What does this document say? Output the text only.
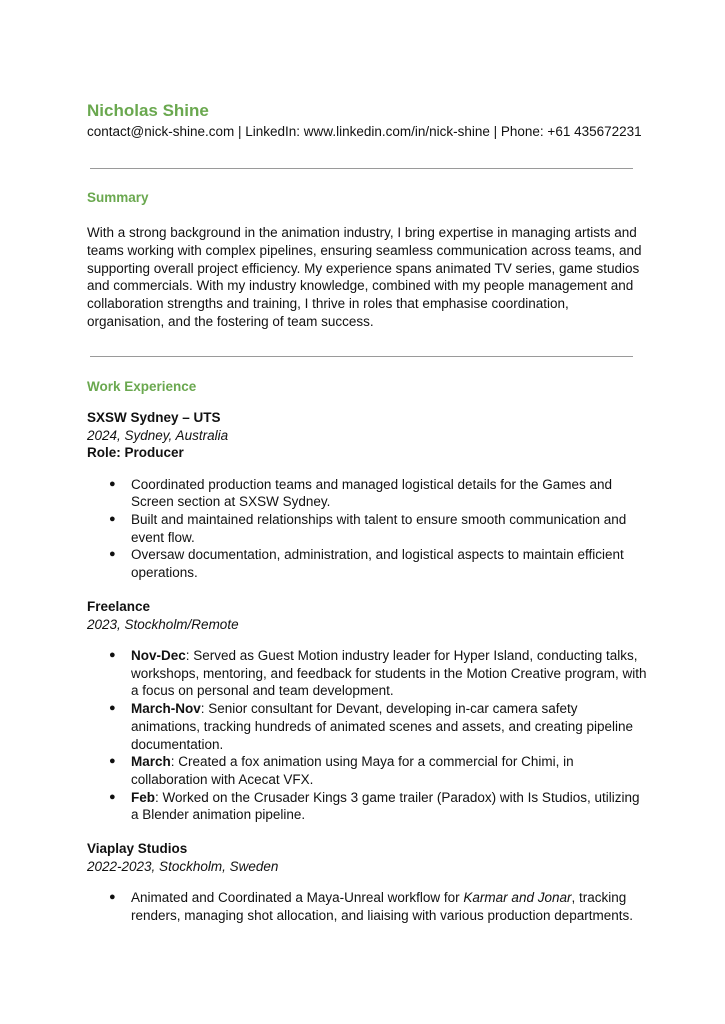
Nicholas Shine

contact@nick-shine.com | LinkedIn: www.linkedin.com/in/nick-shine | Phone: +61 435672231

Summary

With a strong background in the animation industry, I bring expertise in managing artists and teams working with complex pipelines, ensuring seamless communication across teams, and supporting overall project efficiency. My experience spans animated TV series, game studios and commercials. With my industry knowledge, combined with my people management and collaboration strengths and training, I thrive in roles that emphasise coordination, organisation, and the fostering of team success.

Work Experience

SXSW Sydney – UTS

2024, Sydney, Australia

Role: Producer

● Coordinated production teams and managed logistical details for the Games and Screen section at SXSW Sydney.
● Built and maintained relationships with talent to ensure smooth communication and event flow.
● Oversaw documentation, administration, and logistical aspects to maintain efficient operations.

Freelance

2023, Stockholm/Remote

● Nov-Dec: Served as Guest Motion industry leader for Hyper Island, conducting talks, workshops, mentoring, and feedback for students in the Motion Creative program, with a focus on personal and team development.
● March-Nov: Senior consultant for Devant, developing in-car camera safety animations, tracking hundreds of animated scenes and assets, and creating pipeline documentation.
● March: Created a fox animation using Maya for a commercial for Chimi, in collaboration with Acecat VFX.
● Feb: Worked on the Crusader Kings 3 game trailer (Paradox) with Is Studios, utilizing a Blender animation pipeline.

Viaplay Studios

2022-2023, Stockholm, Sweden

● Animated and Coordinated a Maya-Unreal workflow for Karmar and Jonar, tracking renders, managing shot allocation, and liaising with various production departments.
